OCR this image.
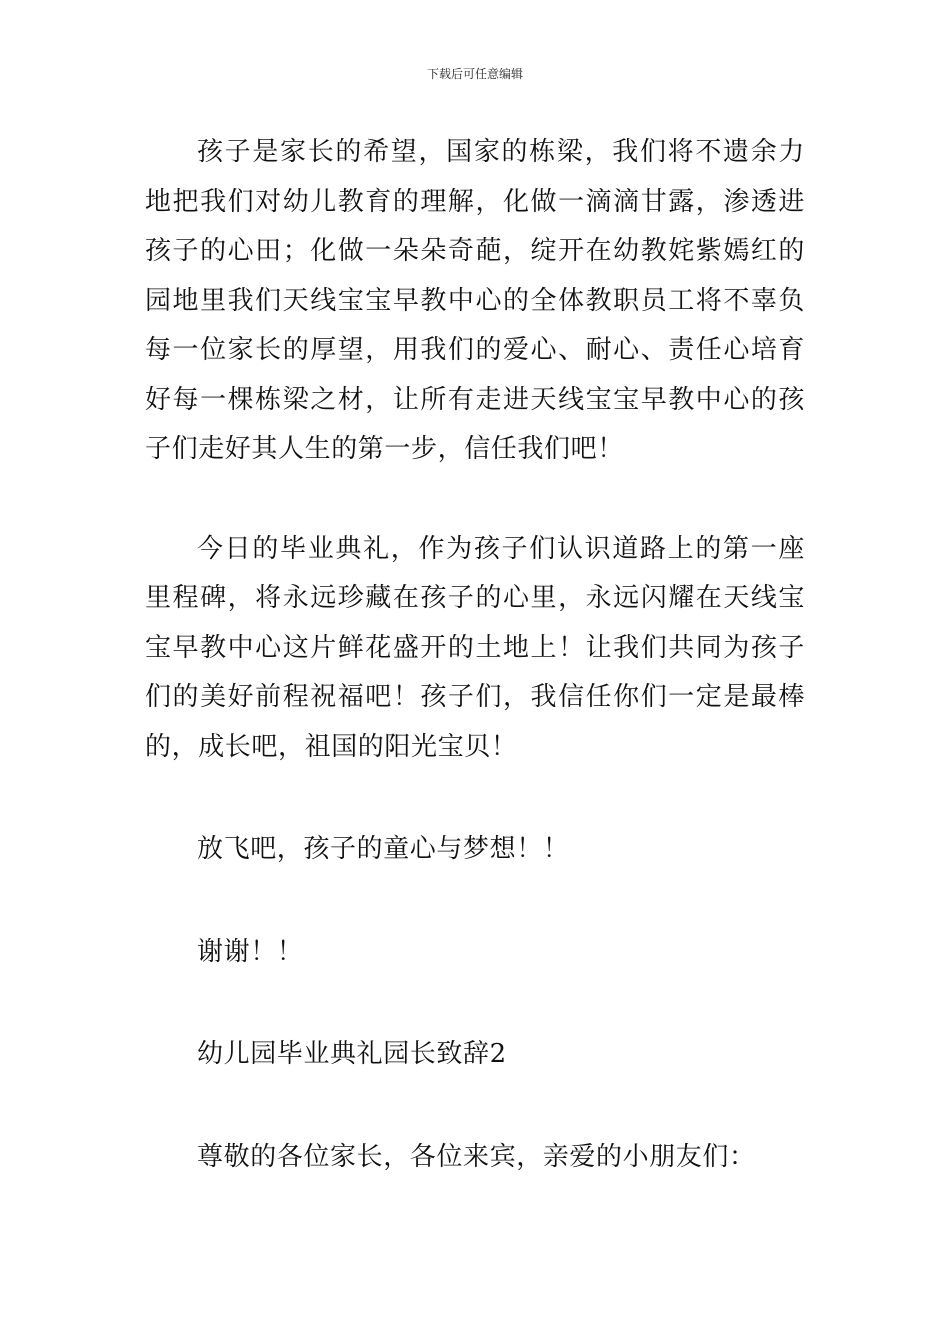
下载后可任意编辑

孩子是家长的希望，国家的栋梁，我们将不遗余力地把我们对幼儿教育的理解，化做一滴滴甘露，渗透进孩子的心田；化做一朵朵奇葩，绽开在幼教姹紫嫣红的园地里我们天线宝宝早教中心的全体教职员工将不辜负每一位家长的厚望，用我们的爱心、耐心、责任心培育好每一棵栋梁之材，让所有走进天线宝宝早教中心的孩子们走好其人生的第一步，信任我们吧！

今日的毕业典礼，作为孩子们认识道路上的第一座里程碑，将永远珍藏在孩子的心里，永远闪耀在天线宝宝早教中心这片鲜花盛开的土地上！让我们共同为孩子们的美好前程祝福吧！孩子们，我信任你们一定是最棒的，成长吧，祖国的阳光宝贝！

放飞吧，孩子的童心与梦想！！

谢谢！！

幼儿园毕业典礼园长致辞2

尊敬的各位家长，各位来宾，亲爱的小朋友们：
